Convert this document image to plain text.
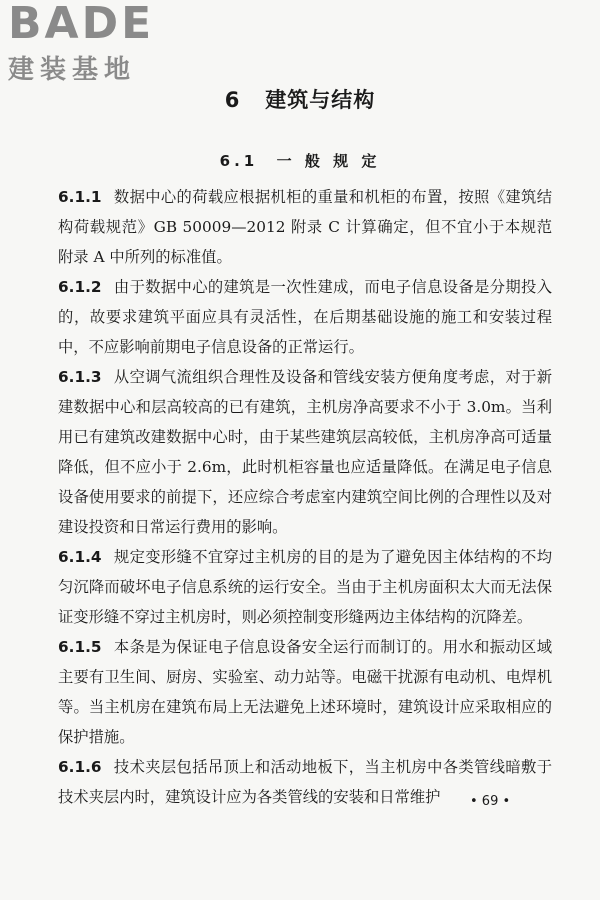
BADE
建装基地
6 建筑与结构
6.1 一 般 规 定

6.1.1 数据中心的荷载应根据机柜的重量和机柜的布置，按照《建筑结构荷载规范》GB 50009—2012 附录 C 计算确定，但不宜小于本规范附录 A 中所列的标准值。

6.1.2 由于数据中心的建筑是一次性建成，而电子信息设备是分期投入的，故要求建筑平面应具有灵活性，在后期基础设施的施工和安装过程中，不应影响前期电子信息设备的正常运行。

6.1.3 从空调气流组织合理性及设备和管线安装方便角度考虑，对于新建数据中心和层高较高的已有建筑，主机房净高要求不小于 3.0m。当利用已有建筑改建数据中心时，由于某些建筑层高较低，主机房净高可适量降低，但不应小于 2.6m，此时机柜容量也应适量降低。在满足电子信息设备使用要求的前提下，还应综合考虑室内建筑空间比例的合理性以及对建设投资和日常运行费用的影响。

6.1.4 规定变形缝不宜穿过主机房的目的是为了避免因主体结构的不均匀沉降而破坏电子信息系统的运行安全。当由于主机房面积太大而无法保证变形缝不穿过主机房时，则必须控制变形缝两边主体结构的沉降差。

6.1.5 本条是为保证电子信息设备安全运行而制订的。用水和振动区域主要有卫生间、厨房、实验室、动力站等。电磁干扰源有电动机、电焊机等。当主机房在建筑布局上无法避免上述环境时，建筑设计应采取相应的保护措施。

6.1.6 技术夹层包括吊顶上和活动地板下，当主机房中各类管线暗敷于技术夹层内时，建筑设计应为各类管线的安装和日常维护	• 69 •
